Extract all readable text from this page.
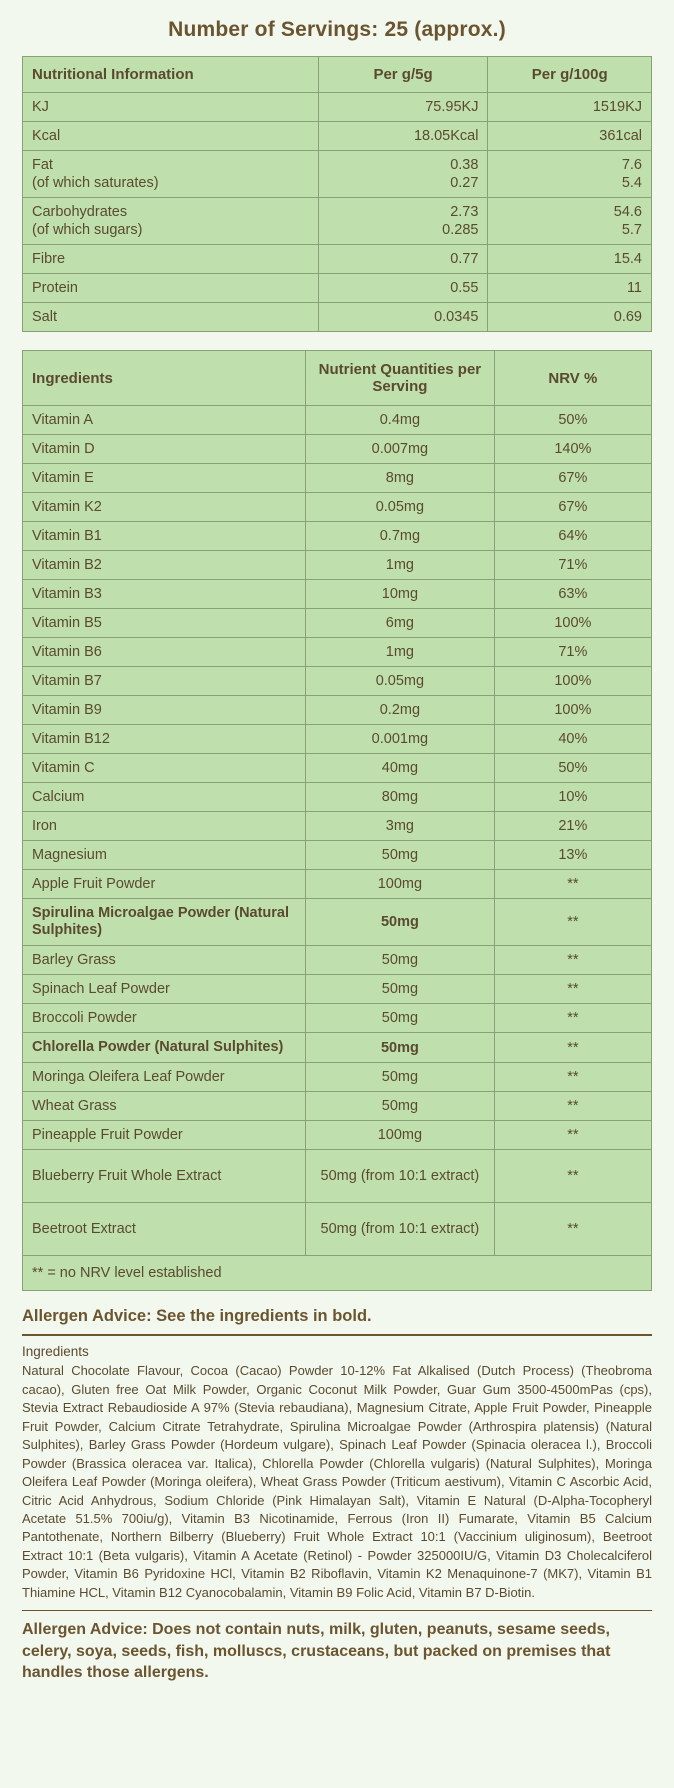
Number of Servings: 25 (approx.)
Nutritional Information	Per g/5g	Per g/100g
KJ	75.95KJ	1519KJ
Kcal	18.05Kcal	361cal
Fat	0.38	7.6
(of which saturates)	0.27	5.4
Carbohydrates	2.73	54.6
(of which sugars)	0.285	5.7
Fibre	0.77	15.4
Protein	0.55	11
Salt	0.0345	0.69
Ingredients	Nutrient Quantities per Serving	NRV %
Vitamin A	0.4mg	50%
Vitamin D	0.007mg	140%
Vitamin E	8mg	67%
Vitamin K2	0.05mg	67%
Vitamin B1	0.7mg	64%
Vitamin B2	1mg	71%
Vitamin B3	10mg	63%
Vitamin B5	6mg	100%
Vitamin B6	1mg	71%
Vitamin B7	0.05mg	100%
Vitamin B9	0.2mg	100%
Vitamin B12	0.001mg	40%
Vitamin C	40mg	50%
Calcium	80mg	10%
Iron	3mg	21%
Magnesium	50mg	13%
Apple Fruit Powder	100mg	**
Spirulina Microalgae Powder (Natural Sulphites)	50mg	**
Barley Grass	50mg	**
Spinach Leaf Powder	50mg	**
Broccoli Powder	50mg	**
Chlorella Powder (Natural Sulphites)	50mg	**
Moringa Oleifera Leaf Powder	50mg	**
Wheat Grass	50mg	**
Pineapple Fruit Powder	100mg	**
Blueberry Fruit Whole Extract	50mg (from 10:1 extract)	**
Beetroot Extract	50mg (from 10:1 extract)	**
** = no NRV level established		
Allergen Advice: See the ingredients in bold.
Ingredients
Natural Chocolate Flavour, Cocoa (Cacao) Powder 10-12% Fat Alkalised (Dutch Process) (Theobroma cacao), Gluten free Oat Milk Powder, Organic Coconut Milk Powder, Guar Gum 3500-4500mPas (cps), Stevia Extract Rebaudioside A 97% (Stevia rebaudiana), Magnesium Citrate, Apple Fruit Powder, Pineapple Fruit Powder, Calcium Citrate Tetrahydrate, Spirulina Microalgae Powder (Arthrospira platensis) (Natural Sulphites), Barley Grass Powder (Hordeum vulgare), Spinach Leaf Powder (Spinacia oleracea l.), Broccoli Powder (Brassica oleracea var. Italica), Chlorella Powder (Chlorella vulgaris) (Natural Sulphites), Moringa Oleifera Leaf Powder (Moringa oleifera), Wheat Grass Powder (Triticum aestivum), Vitamin C Ascorbic Acid, Citric Acid Anhydrous, Sodium Chloride (Pink Himalayan Salt), Vitamin E Natural (D-Alpha-Tocopheryl Acetate 51.5% 700iu/g), Vitamin B3 Nicotinamide, Ferrous (Iron II) Fumarate, Vitamin B5 Calcium Pantothenate, Northern Bilberry (Blueberry) Fruit Whole Extract 10:1 (Vaccinium uliginosum), Beetroot Extract 10:1 (Beta vulgaris), Vitamin A Acetate (Retinol) - Powder 325000IU/G, Vitamin D3 Cholecalciferol Powder, Vitamin B6 Pyridoxine HCl, Vitamin B2 Riboflavin, Vitamin K2 Menaquinone-7 (MK7), Vitamin B1 Thiamine HCL, Vitamin B12 Cyanocobalamin, Vitamin B9 Folic Acid, Vitamin B7 D-Biotin.
Allergen Advice: Does not contain nuts, milk, gluten, peanuts, sesame seeds, celery, soya, seeds, fish, molluscs, crustaceans, but packed on premises that handles those allergens.
